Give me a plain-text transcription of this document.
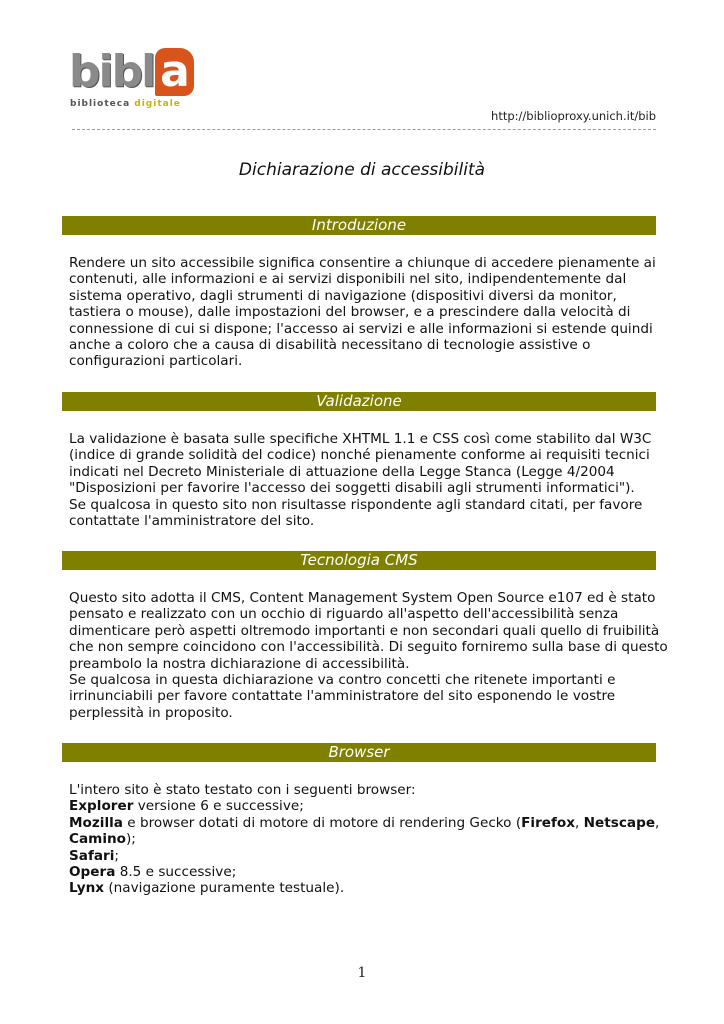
bibl a
biblioteca digitale
http://biblioproxy.unich.it/bib
Dichiarazione di accessibilità
Introduzione

Rendere un sito accessibile significa consentire a chiunque di accedere pienamente ai

contenuti, alle informazioni e ai servizi disponibili nel sito, indipendentemente dal

sistema operativo, dagli strumenti di navigazione (dispositivi diversi da monitor,

tastiera o mouse), dalle impostazioni del browser, e a prescindere dalla velocità di

connessione di cui si dispone; l'accesso ai servizi e alle informazioni si estende quindi

anche a coloro che a causa di disabilità necessitano di tecnologie assistive o

configurazioni particolari.

Validazione

La validazione è basata sulle specifiche XHTML 1.1 e CSS così come stabilito dal W3C

(indice di grande solidità del codice) nonché pienamente conforme ai requisiti tecnici

indicati nel Decreto Ministeriale di attuazione della Legge Stanca (Legge 4/2004

"Disposizioni per favorire l'accesso dei soggetti disabili agli strumenti informatici").

Se qualcosa in questo sito non risultasse rispondente agli standard citati, per favore

contattate l'amministratore del sito.

Tecnologia CMS

Questo sito adotta il CMS, Content Management System Open Source e107 ed è stato

pensato e realizzato con un occhio di riguardo all'aspetto dell'accessibilità senza

dimenticare però aspetti oltremodo importanti e non secondari quali quello di fruibilità

che non sempre coincidono con l'accessibilità. Di seguito forniremo sulla base di questo

preambolo la nostra dichiarazione di accessibilità.

Se qualcosa in questa dichiarazione va contro concetti che ritenete importanti e

irrinunciabili per favore contattate l'amministratore del sito esponendo le vostre

perplessità in proposito.

Browser

L'intero sito è stato testato con i seguenti browser:

Explorer versione 6 e successive;

Mozilla e browser dotati di motore di motore di rendering Gecko (Firefox, Netscape,

Camino);

Safari;

Opera 8.5 e successive;

Lynx (navigazione puramente testuale).

1
